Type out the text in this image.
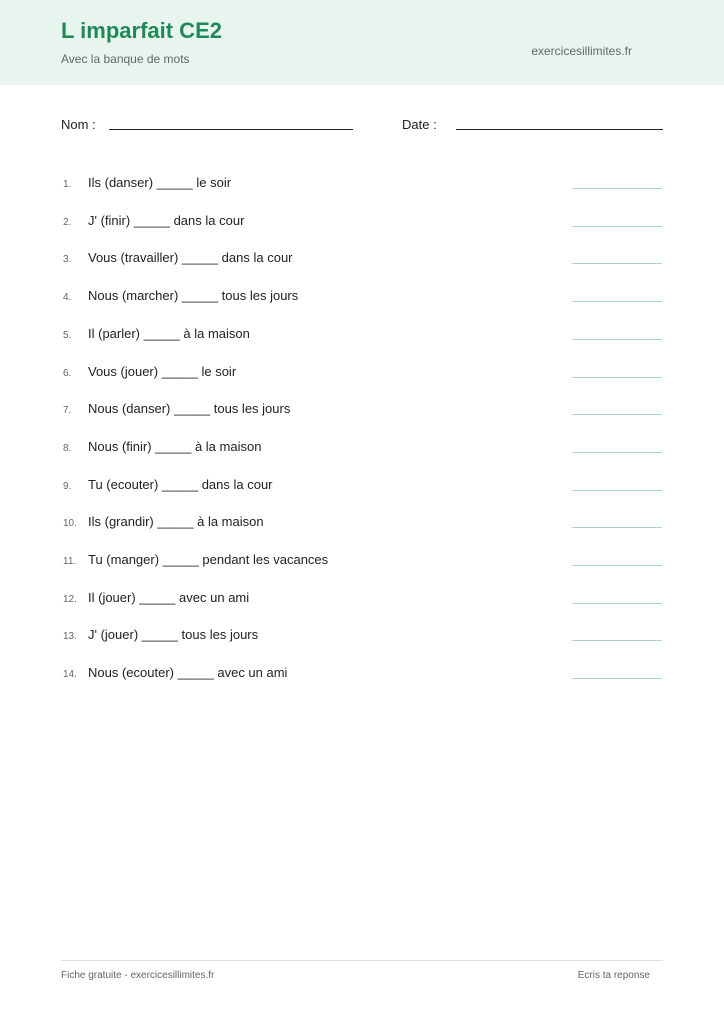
L imparfait CE2
Avec la banque de mots
exercicesillimites.fr
Nom :	Date :
1. Ils (danser) _____ le soir
2. J' (finir) _____ dans la cour
3. Vous (travailler) _____ dans la cour
4. Nous (marcher) _____ tous les jours
5. Il (parler) _____ à la maison
6. Vous (jouer) _____ le soir
7. Nous (danser) _____ tous les jours
8. Nous (finir) _____ à la maison
9. Tu (ecouter) _____ dans la cour
10. Ils (grandir) _____ à la maison
11. Tu (manger) _____ pendant les vacances
12. Il (jouer) _____ avec un ami
13. J' (jouer) _____ tous les jours
14. Nous (ecouter) _____ avec un ami
Fiche gratuite - exercicesillimites.fr	Ecris ta reponse
